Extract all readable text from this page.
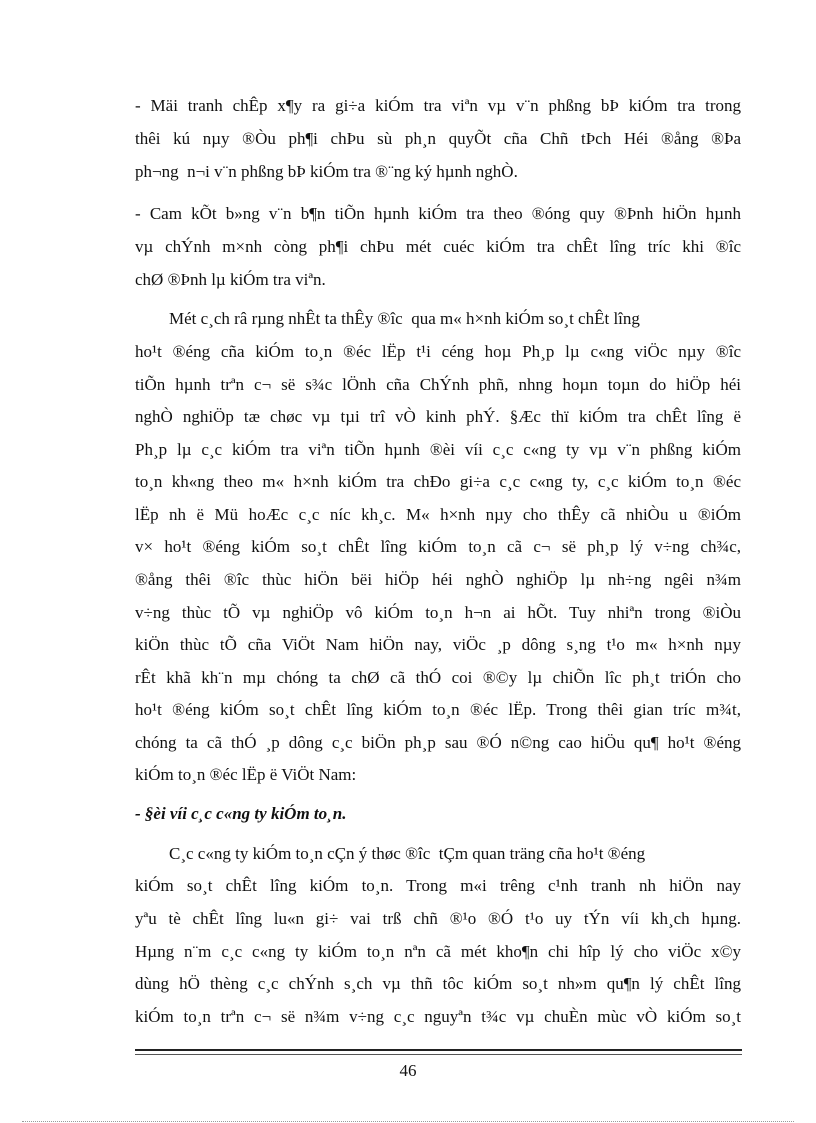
- Mäi tranh chÊp x¶y ra gi÷a kiÓm tra viªn vµ v¨n phßng bÞ kiÓm tra trong
thêi kú nµy ®Òu ph¶i chÞu sù ph¸n quyÕt cña Chñ tÞch Héi ®ång ®Þa
ph¬ng  n¬i v¨n phßng bÞ kiÓm tra ®¨ng ký hµnh nghÒ.
- Cam kÕt b»ng v¨n b¶n tiÕn hµnh kiÓm tra theo ®óng quy ®Þnh hiÖn hµnh
vµ chÝnh m×nh còng ph¶i chÞu mét cuéc kiÓm tra chÊt lîng tríc khi ®îc
chØ ®Þnh lµ kiÓm tra viªn.
Mét c¸ch râ rµng nhÊt ta thÊy ®îc  qua m« h×nh kiÓm so¸t chÊt lîng
ho¹t ®éng cña kiÓm to¸n ®éc lËp t¹i céng hoµ Ph¸p lµ c«ng viÖc nµy ®îc
tiÕn hµnh trªn c¬ së s¾c lÖnh cña ChÝnh phñ, nhng hoµn toµn do hiÖp héi
nghÒ nghiÖp tæ chøc vµ tµi trî vÒ kinh phÝ. §Æc thï kiÓm tra chÊt lîng ë
Ph¸p lµ c¸c kiÓm tra viªn tiÕn hµnh ®èi víi c¸c c«ng ty vµ v¨n phßng kiÓm
to¸n kh«ng theo m« h×nh kiÓm tra chÐo gi÷a c¸c c«ng ty, c¸c kiÓm to¸n ®éc
lËp nh ë Mü hoÆc c¸c níc kh¸c. M« h×nh nµy cho thÊy cã nhiÒu u ®iÓm
v× ho¹t ®éng kiÓm so¸t chÊt lîng kiÓm to¸n cã c¬ së ph¸p lý v÷ng ch¾c,
®ång thêi ®îc thùc hiÖn bëi hiÖp héi nghÒ nghiÖp lµ nh÷ng ngêi n¾m
v÷ng thùc tÕ vµ nghiÖp vô kiÓm to¸n h¬n ai hÕt. Tuy nhiªn trong ®iÒu
kiÖn thùc tÕ cña ViÖt Nam hiÖn nay, viÖc ¸p dông s¸ng t¹o m« h×nh nµy
rÊt khã kh¨n mµ chóng ta chØ cã thÓ coi ®©y lµ chiÕn lîc ph¸t triÓn cho
ho¹t ®éng kiÓm so¸t chÊt lîng kiÓm to¸n ®éc lËp. Trong thêi gian tríc m¾t,
chóng ta cã thÓ ¸p dông c¸c biÖn ph¸p sau ®Ó n©ng cao hiÖu qu¶ ho¹t ®éng
kiÓm to¸n ®éc lËp ë ViÖt Nam:
- §èi víi c¸c c«ng ty kiÓm to¸n.
C¸c c«ng ty kiÓm to¸n cÇn ý thøc ®îc  tÇm quan träng cña ho¹t ®éng
kiÓm so¸t chÊt lîng kiÓm to¸n. Trong m«i trêng c¹nh tranh nh hiÖn nay
yªu tè chÊt lîng lu«n gi÷ vai trß chñ ®¹o ®Ó t¹o uy tÝn víi kh¸ch hµng.
Hµng n¨m c¸c c«ng ty kiÓm to¸n nªn cã mét kho¶n chi hîp lý cho viÖc x©y
dùng hÖ thèng c¸c chÝnh s¸ch vµ thñ tôc kiÓm so¸t nh»m qu¶n lý chÊt lîng
kiÓm to¸n trªn c¬ së n¾m v÷ng c¸c nguyªn t¾c vµ chuÈn mùc vÒ kiÓm so¸t
46
